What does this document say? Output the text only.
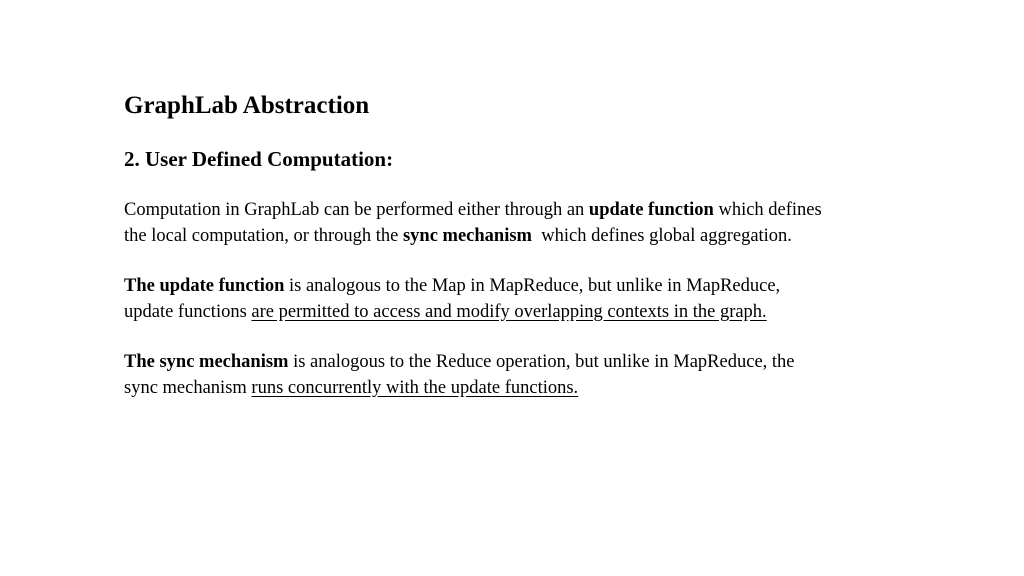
GraphLab Abstraction
2. User Defined Computation:

Computation in GraphLab can be performed either through an update function which defines the local computation, or through the sync mechanism  which defines global aggregation.

The update function is analogous to the Map in MapReduce, but unlike in MapReduce, update functions are permitted to access and modify overlapping contexts in the graph.

The sync mechanism is analogous to the Reduce operation, but unlike in MapReduce, the sync mechanism runs concurrently with the update functions.
